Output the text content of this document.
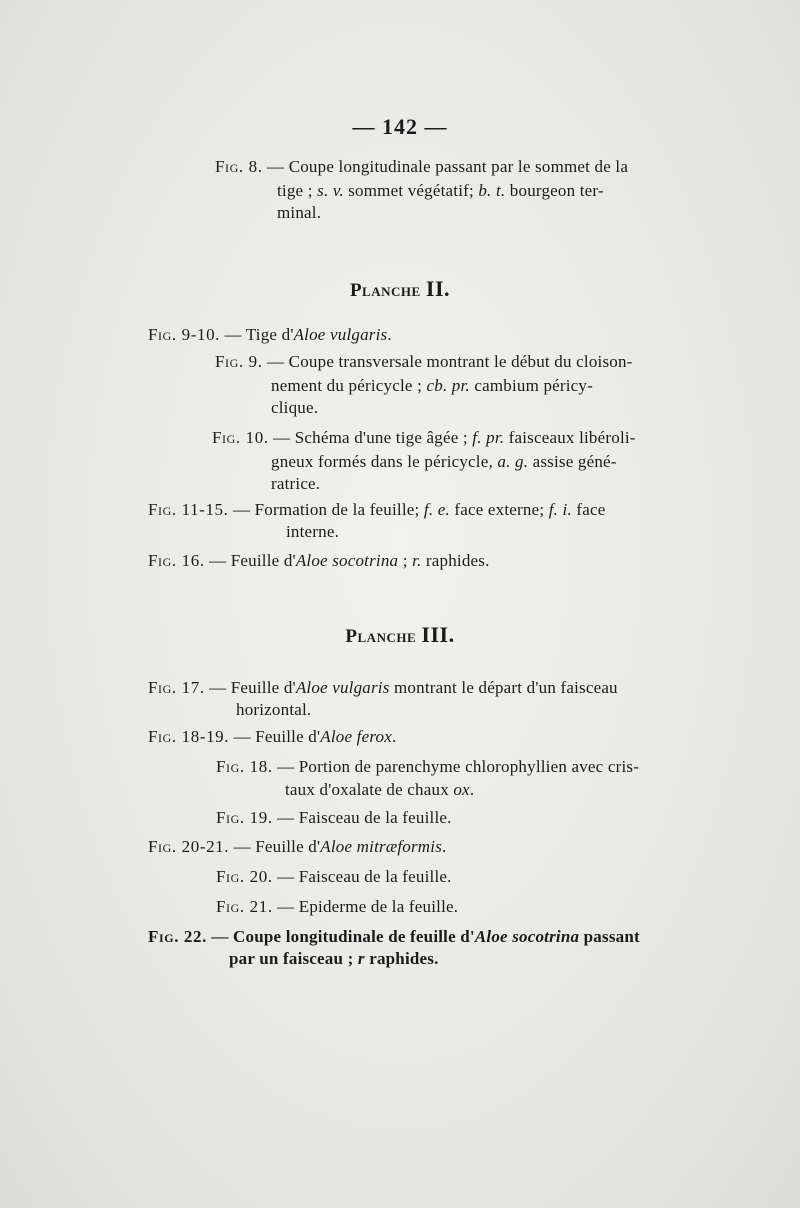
— 142 —
Fig. 8. — Coupe longitudinale passant par le sommet de la
tige ; s. v. sommet végétatif; b. t. bourgeon ter-
minal.
Planche II.
Fig. 9-10. — Tige d'Aloe vulgaris.
Fig. 9. — Coupe transversale montrant le début du cloison-
nement du péricycle ; cb. pr. cambium péricy-
clique.
Fig. 10. — Schéma d'une tige âgée ; f. pr. faisceaux libéroli-
gneux formés dans le péricycle, a. g. assise géné-
ratrice.
Fig. 11-15. — Formation de la feuille; f. e. face externe; f. i. face
interne.
Fig. 16. — Feuille d'Aloe socotrina ; r. raphides.
Planche III.
Fig. 17. — Feuille d'Aloe vulgaris montrant le départ d'un faisceau
horizontal.
Fig. 18-19. — Feuille d'Aloe ferox.
Fig. 18. — Portion de parenchyme chlorophyllien avec cris-
taux d'oxalate de chaux ox.
Fig. 19. — Faisceau de la feuille.
Fig. 20-21. — Feuille d'Aloe mitræformis.
Fig. 20. — Faisceau de la feuille.
Fig. 21. — Epiderme de la feuille.
Fig. 22. — Coupe longitudinale de feuille d'Aloe socotrina passant
par un faisceau ; r raphides.
